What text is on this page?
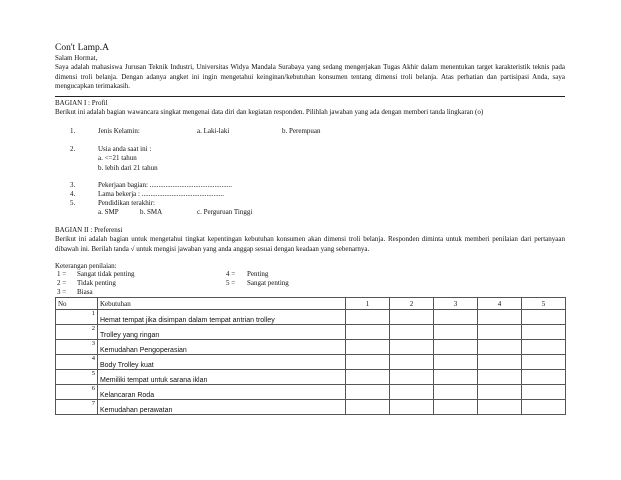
Con't Lamp.A
Salam Hormat,
Saya adalah mahasiswa Jurusan Teknik Industri, Universitas Widya Mandala Surabaya yang sedang mengerjakan Tugas Akhir dalam menentukan target karakteristik teknis pada dimensi troli belanja. Dengan adanya angket ini ingin mengetahui keinginan/kebutuhan konsumen tentang dimensi troli belanja. Atas perhatian dan partisipasi Anda, saya mengucapkan terimakasih.
BAGIAN I : Profil
Berikut ini adalah bagian wawancara singkat mengenai data diri dan kegiatan responden. Pilihlah jawaban yang ada dengan memberi tanda lingkaran (o)
1.	Jenis Kelamin:	a. Laki-laki	b. Perempuan
2.	Usia anda saat ini :
a. <=21 tahun
b. lebih dari 21 tahun
3.	Pekerjaan bagian: ...............................................
4.	Lama bekerja : ...............................................
5.	Pendidikan terakhir:
a. SMP	b. SMA	c. Perguruan Tinggi
BAGIAN II : Preferensi
Berikut ini adalah bagian untuk mengetahui tingkat kepentingan kebutuhan konsumen akan dimensi troli belanja. Responden diminta untuk memberi penilaian dari pertanyaan dibawah ini. Berilah tanda √ untuk mengisi jawaban yang anda anggap sesuai dengan keadaan yang sebenarnya.
Keterangan penilaian:
1 = Sangat tidak penting
2 = Tidak penting
3 = Biasa
4 = Penting
5 = Sangat penting
No	Kebutuhan	1	2	3	4	5
1	Hemat tempat jika disimpan dalam tempat antrian trolley					
2	Trolley yang ringan					
3	Kemudahan Pengoperasian					
4	Body Trolley kuat					
5	Memiliki tempat untuk sarana iklan					
6	Kelancaran Roda					
7	Kemudahan perawatan					
